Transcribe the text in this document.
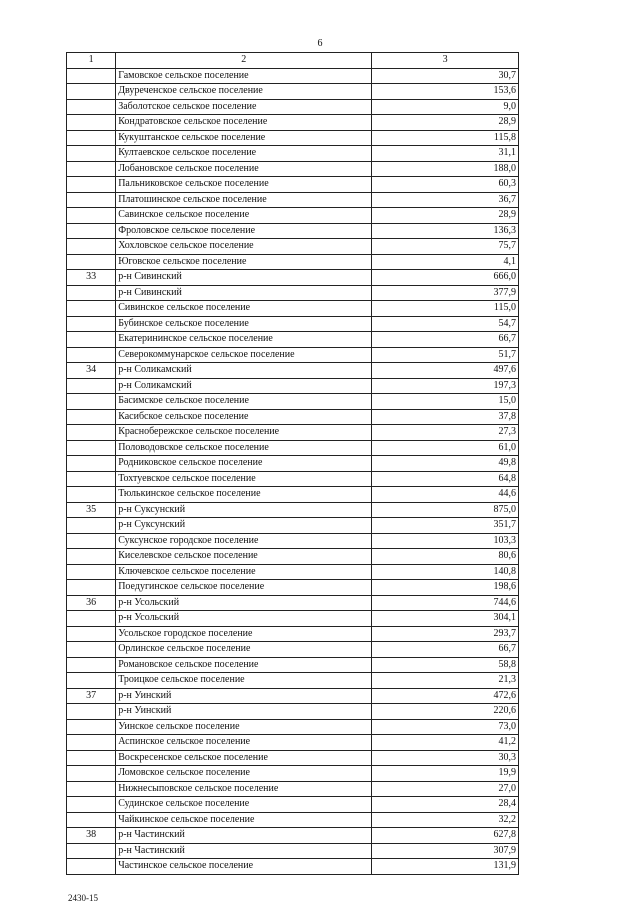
6
1	2	3
	Гамовское сельское поселение	30,7
	Двуреченское сельское поселение	153,6
	Заболотское сельское поселение	9,0
	Кондратовское сельское поселение	28,9
	Кукуштанское сельское поселение	115,8
	Култаевское сельское поселение	31,1
	Лобановское сельское поселение	188,0
	Пальниковское сельское поселение	60,3
	Платошинское сельское поселение	36,7
	Савинское сельское поселение	28,9
	Фроловское сельское поселение	136,3
	Хохловское сельское поселение	75,7
	Юговское сельское поселение	4,1
33	р-н Сивинский	666,0
	р-н Сивинский	377,9
	Сивинское сельское поселение	115,0
	Бубинское сельское поселение	54,7
	Екатерининское сельское поселение	66,7
	Северокоммунарское сельское поселение	51,7
34	р-н Соликамский	497,6
	р-н Соликамский	197,3
	Басимское сельское поселение	15,0
	Касибское сельское поселение	37,8
	Краснобережское сельское поселение	27,3
	Половодовское сельское поселение	61,0
	Родниковское сельское поселение	49,8
	Тохтуевское сельское поселение	64,8
	Тюлькинское сельское поселение	44,6
35	р-н Суксунский	875,0
	р-н Суксунский	351,7
	Суксунское городское поселение	103,3
	Киселевское сельское поселение	80,6
	Ключевское сельское поселение	140,8
	Поедугинское сельское поселение	198,6
36	р-н Усольский	744,6
	р-н Усольский	304,1
	Усольское городское поселение	293,7
	Орлинское сельское поселение	66,7
	Романовское сельское поселение	58,8
	Троицкое сельское поселение	21,3
37	р-н Уинский	472,6
	р-н Уинский	220,6
	Уинское сельское поселение	73,0
	Аспинское сельское поселение	41,2
	Воскресенское сельское поселение	30,3
	Ломовское сельское поселение	19,9
	Нижнесыповское сельское поселение	27,0
	Судинское сельское поселение	28,4
	Чайкинское сельское поселение	32,2
38	р-н Частинский	627,8
	р-н Частинский	307,9
	Частинское сельское поселение	131,9
2430-15
